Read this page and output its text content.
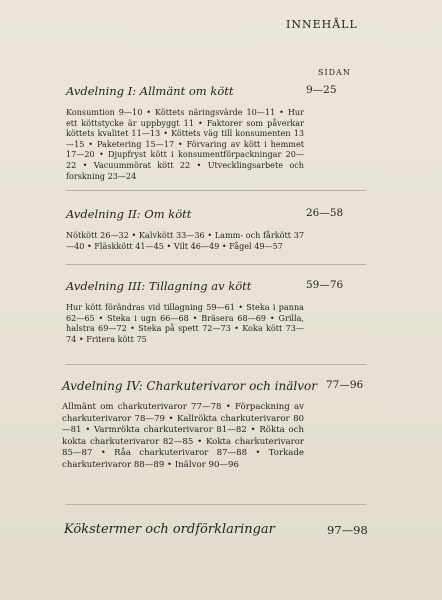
INNEHÅLL
SIDAN
Avdelning I: Allmänt om kött	9—25
Konsumtion 9—10 • Köttets näringsvärde 10—11 • Hur ett köttstycke är uppbyggt 11 • Faktorer som påverkar köttets kvalitet 11—13 • Köttets väg till konsumenten 13—15 • Paketering 15—17 • Förvaring av kött i hemmet 17—20 • Djupfryst kött i konsumentförpackningar 20—22 • Vacuummörat kött 22 • Utvecklingsarbete och forskning 23—24
Avdelning II: Om kött	26—58
Nötkött 26—32 • Kalvkött 33—36 • Lamm- och fårkött 37—40 • Fläskkött 41—45 • Vilt 46—49 • Fågel 49—57
Avdelning III: Tillagning av kött	59—76
Hur kött förändras vid tillagning 59—61 • Steka i panna 62—65 • Steka i ugn 66—68 • Bräsera 68—69 • Grilla, halstra 69—72 • Steka på spett 72—73 • Koka kött 73—74 • Fritera kött 75
Avdelning IV: Charkuterivaror och inälvor 77—96
Allmänt om charkuterivaror 77—78 • Förpackning av charkuterivaror 78—79 • Kallrökta charkuterivaror 80—81 • Varmrökta charkuterivaror 81—82 • Rökta och kokta charkuterivaror 82—85 • Kokta charkuterivaror 85—87 • Råa charkuterivaror 87—88 • Torkade charkuterivaror 88—89 • Inälvor 90—96
Kökstermer och ordförklaringar	97—98
